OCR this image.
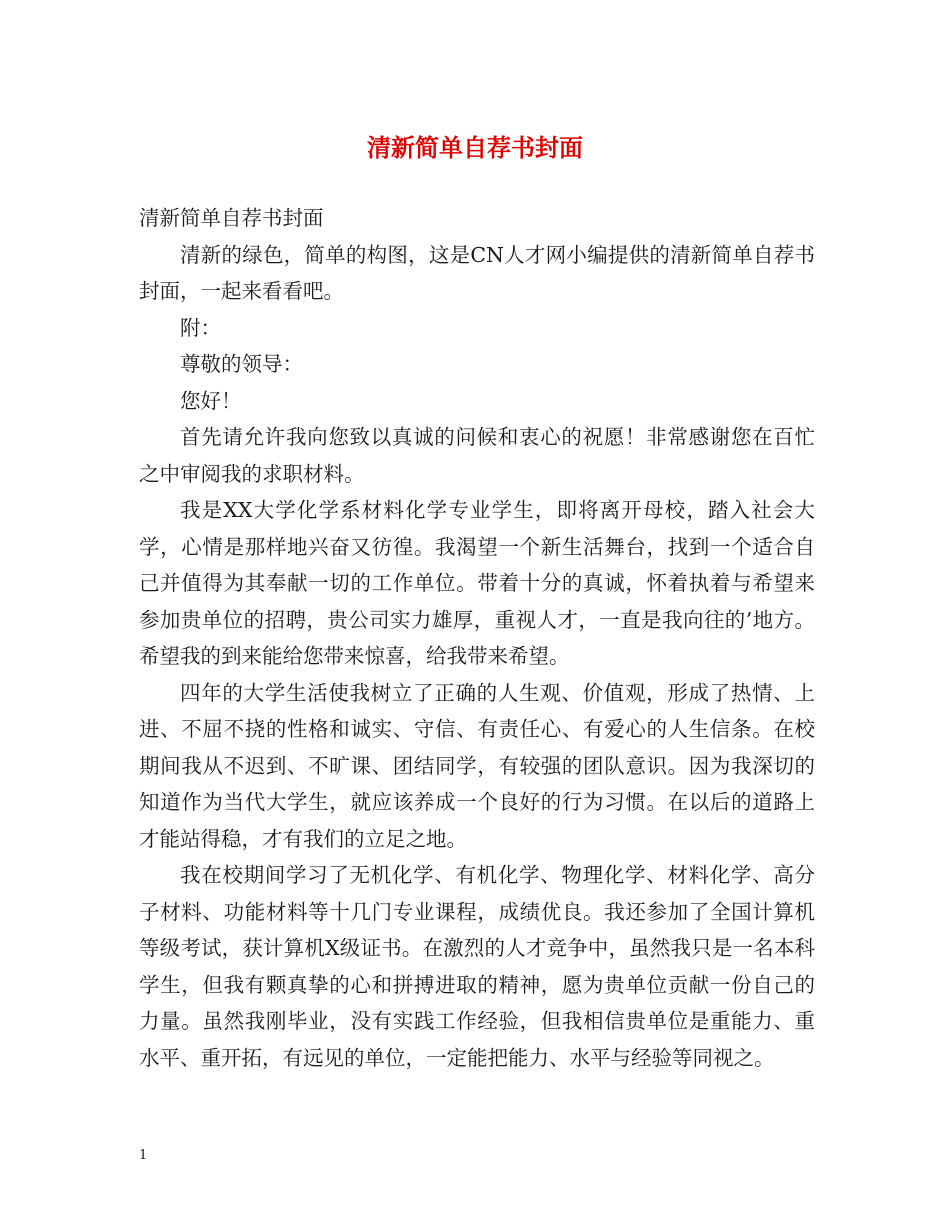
清新简单自荐书封面

清新简单自荐书封面

清新的绿色，简单的构图，这是CN人才网小编提供的清新简单自荐书封面，一起来看看吧。

附：

尊敬的领导：

您好！

首先请允许我向您致以真诚的问候和衷心的祝愿！非常感谢您在百忙之中审阅我的求职材料。

我是XX大学化学系材料化学专业学生，即将离开母校，踏入社会大学，心情是那样地兴奋又彷徨。我渴望一个新生活舞台，找到一个适合自己并值得为其奉献一切的工作单位。带着十分的真诚，怀着执着与希望来参加贵单位的招聘，贵公司实力雄厚，重视人才，一直是我向往的’地方。希望我的到来能给您带来惊喜，给我带来希望。

四年的大学生活使我树立了正确的人生观、价值观，形成了热情、上进、不屈不挠的性格和诚实、守信、有责任心、有爱心的人生信条。在校期间我从不迟到、不旷课、团结同学，有较强的团队意识。因为我深切的知道作为当代大学生，就应该养成一个良好的行为习惯。在以后的道路上才能站得稳，才有我们的立足之地。

我在校期间学习了无机化学、有机化学、物理化学、材料化学、高分子材料、功能材料等十几门专业课程，成绩优良。我还参加了全国计算机等级考试，获计算机X级证书。在激烈的人才竞争中，虽然我只是一名本科学生，但我有颗真挚的心和拼搏进取的精神，愿为贵单位贡献一份自己的力量。虽然我刚毕业，没有实践工作经验，但我相信贵单位是重能力、重水平、重开拓，有远见的单位，一定能把能力、水平与经验等同视之。

1
